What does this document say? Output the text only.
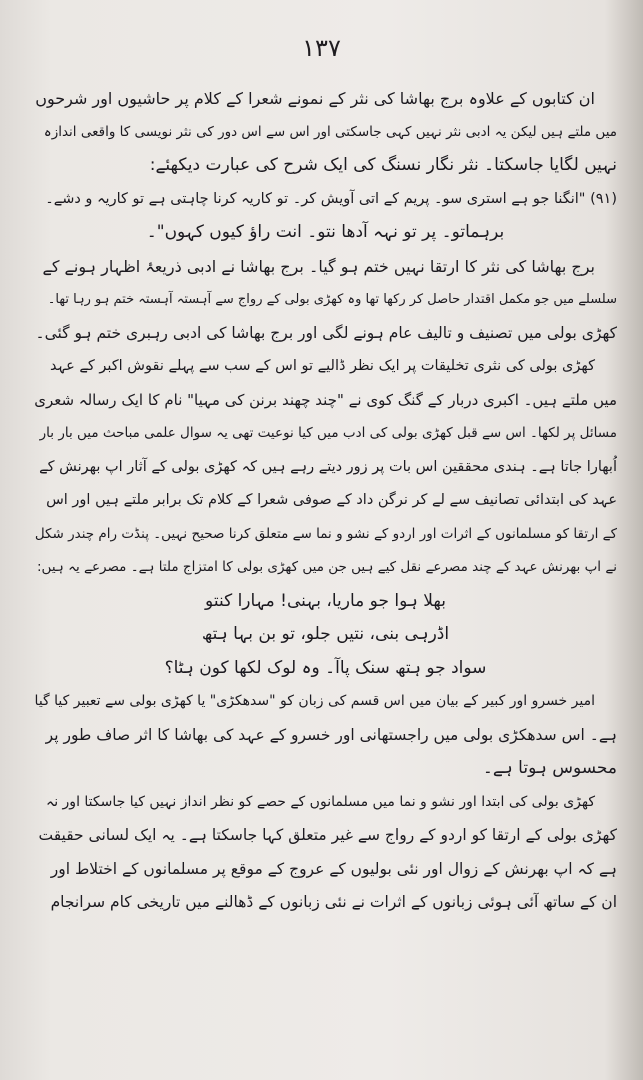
١٣٧
ان کتابوں کے علاوہ برج بھاشا کی نثر کے نمونے شعرا کے کلام پر حاشیوں اور شرحوں
میں ملتے ہیں لیکن یہ ادبی نثر نہیں کہی جاسکتی اور اس سے اس دور کی نثر نویسی کا واقعی اندازہ
نہیں لگایا جاسکتا۔ نثر نگار نسنگ کی ایک شرح کی عبارت دیکھئے:
(۹۱) "انگنا جو ہے استری سو۔ پریم کے اتی آویش کر۔ تو کاریہ کرنا چاہتی ہے تو کاریہ و دشے۔
برہماتو۔ پر تو نہہ آدھا نتو۔ انت راؤ کیوں کہوں"۔
برج بھاشا کی نثر کا ارتقا نہیں ختم ہو گیا۔ برج بھاشا نے ادبی ذریعۂ اظہار ہونے کے
سلسلے میں جو مکمل اقتدار حاصل کر رکھا تھا وہ کھڑی بولی کے رواج سے آہستہ آہستہ ختم ہو رہا تھا۔
کھڑی بولی میں تصنیف و تالیف عام ہونے لگی اور برج بھاشا کی ادبی رہبری ختم ہو گئی۔
کھڑی بولی کی نثری تخلیقات پر ایک نظر ڈالیے تو اس کے سب سے پہلے نقوش اکبر کے عہد
میں ملتے ہیں۔ اکبری دربار کے گنگ کوی نے "چند چھند برنن کی مہیا" نام کا ایک رسالہ شعری
مسائل پر لکھا۔ اس سے قبل کھڑی بولی کی ادب میں کیا نوعیت تھی یہ سوال علمی مباحث میں بار بار
اُبھارا جاتا ہے۔ ہندی محققین اس بات پر زور دیتے رہے ہیں کہ کھڑی بولی کے آثار اپ بھرنش کے
عہد کی ابتدائی تصانیف سے لے کر نرگن داد کے صوفی شعرا کے کلام تک برابر ملتے ہیں اور اس
کے ارتقا کو مسلمانوں کے اثرات اور اردو کے نشو و نما سے متعلق کرنا صحیح نہیں۔ پنڈت رام چندر شکل
نے اپ بھرنش عہد کے چند مصرعے نقل کیے ہیں جن میں کھڑی بولی کا امتزاج ملتا ہے۔ مصرعے یہ ہیں:
بھلا ہوا جو ماریا، بہنی! مہارا کنتو
اڈرہی بنی، نتیں جلو، تو بن بہا ہتھ
سواد جو ہتھ سنک پاآ۔ وہ لوک لکھا کون ہٹا؟
امیر خسرو اور کبیر کے بیان میں اس قسم کی زبان کو "سدھکڑی" یا کھڑی بولی سے تعبیر کیا گیا
ہے۔ اس سدھکڑی بولی میں راجستھانی اور خسرو کے عہد کی بھاشا کا اثر صاف طور پر
محسوس ہوتا ہے۔
کھڑی بولی کی ابتدا اور نشو و نما میں مسلمانوں کے حصے کو نظر انداز نہیں کیا جاسکتا اور نہ
کھڑی بولی کے ارتقا کو اردو کے رواج سے غیر متعلق کہا جاسکتا ہے۔ یہ ایک لسانی حقیقت
ہے کہ اپ بھرنش کے زوال اور نئی بولیوں کے عروج کے موقع پر مسلمانوں کے اختلاط اور
ان کے ساتھ آئی ہوئی زبانوں کے اثرات نے نئی زبانوں کے ڈھالنے میں تاریخی کام سرانجام
